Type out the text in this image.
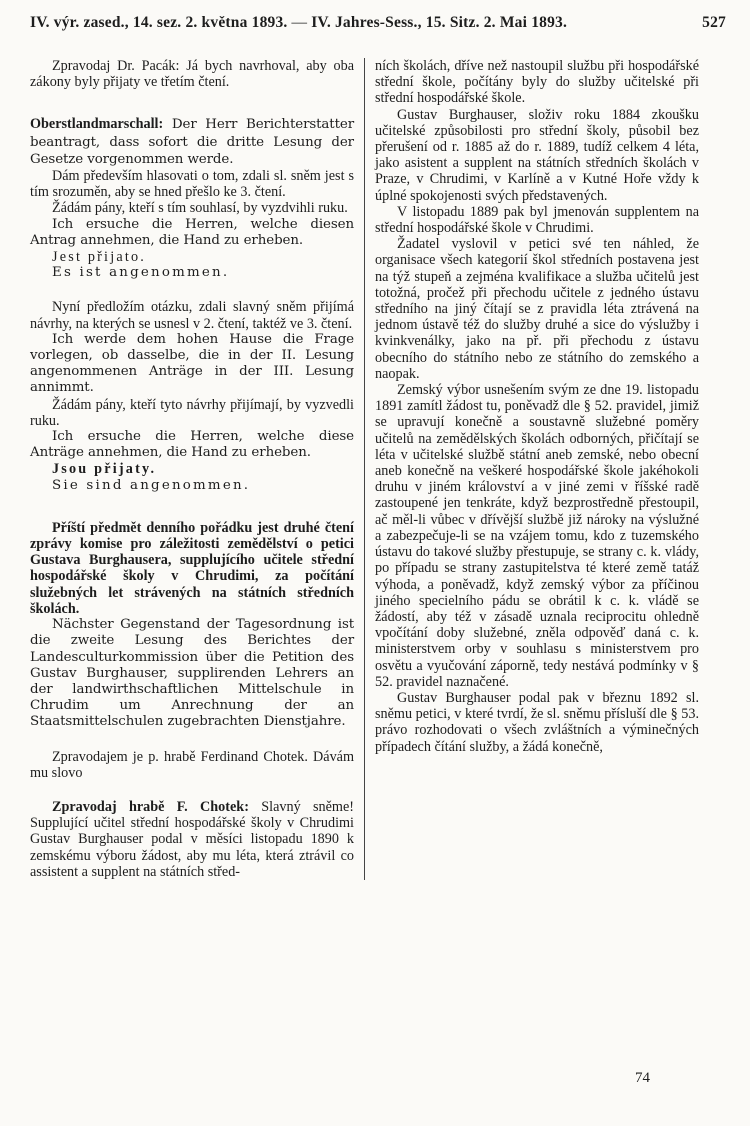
IV. výr. zased., 14. sez. 2. května 1893. — IV. Jahres-Sess., 15. Sitz. 2. Mai 1893.	527

Zpravodaj Dr. Pacák: Já bych navrhoval, aby oba zákony byly přijaty ve třetím čtení.

Oberstlandmarschall: Der Herr Berichterstatter beantragt, dass sofort die dritte Lesung der Gesetze vorgenommen werde.

Dám především hlasovati o tom, zdali sl. sněm jest s tím srozuměn, aby se hned přešlo ke 3. čtení.

Žádám pány, kteří s tím souhlasí, by vyzdvihli ruku.

Ich ersuche die Herren, welche diesen Antrag annehmen, die Hand zu erheben.

Jest přijato.

Es ist angenommen.

Nyní předložím otázku, zdali slavný sněm přijímá návrhy, na kterých se usnesl v 2. čtení, taktéž ve 3. čtení.

Ich werde dem hohen Hause die Frage vorlegen, ob dasselbe, die in der II. Lesung angenommenen Anträge in der III. Lesung annimmt.

Žádám pány, kteří tyto návrhy přijímají, by vyzvedli ruku.

Ich ersuche die Herren, welche diese Anträge annehmen, die Hand zu erheben.

Jsou přijaty.

Sie sind angenommen.

Příští předmět denního pořádku jest druhé čtení zprávy komise pro záležitosti zemědělství o petici Gustava Burghausera, supplujícího učitele střední hospodářské školy v Chrudimi, za počítání služebných let strávených na státních středních školách.

Nächster Gegenstand der Tagesordnung ist die zweite Lesung des Berichtes der Landesculturkommission über die Petition des Gustav Burghauser, supplirenden Lehrers an der landwirthschaftlichen Mittelschule in Chrudim um Anrechnung der an Staatsmittelschulen zugebrachten Dienstjahre.

Zpravodajem je p. hrabě Ferdinand Chotek. Dávám mu slovo

Zpravodaj hrabě F. Chotek: Slavný sněme! Supplující učitel střední hospodářské školy v Chrudimi Gustav Burghauser podal v měsíci listopadu 1890 k zemskému výboru žádost, aby mu léta, která ztrávil co assistent a supplent na státních střed-

ních školách, dříve než nastoupil službu při hospodářské střední škole, počítány byly do služby učitelské při střední hospodářské škole.

Gustav Burghauser, složiv roku 1884 zkoušku učitelské způsobilosti pro střední školy, působil bez přerušení od r. 1885 až do r. 1889, tudíž celkem 4 léta, jako asistent a supplent na státních středních školách v Praze, v Chrudimi, v Karlíně a v Kutné Hoře vždy k úplné spokojenosti svých představených.

V listopadu 1889 pak byl jmenován supplentem na střední hospodářské škole v Chrudimi.

Žadatel vyslovil v petici své ten náhled, že organisace všech kategorií škol středních postavena jest na týž stupeň a zejména kvalifikace a služba učitelů jest totožná, pročež při přechodu učitele z jedného ústavu středního na jiný čítají se z pravidla léta ztrávená na jednom ústavě též do služby druhé a sice do výslužby i kvinkvenálky, jako na př. při přechodu z ústavu obecního do státního nebo ze státního do zemského a naopak.

Zemský výbor usnešením svým ze dne 19. listopadu 1891 zamítl žádost tu, poněvadž dle § 52. pravidel, jimiž se upravují konečně a soustavně služebné poměry učitelů na zemědělských školách odborných, přičítají se léta v učitelské službě státní aneb zemské, nebo obecní aneb konečně na veškeré hospodářské škole jakéhokoli druhu v jiném království a v jiné zemi v říšské radě zastoupené jen tenkráte, když bezprostředně přestoupil, ač měl-li vůbec v dřívější službě již nároky na výslužné a zabezpečuje-li se na vzájem tomu, kdo z tuzemského ústavu do takové služby přestupuje, se strany c. k. vlády, po případu se strany zastupitelstva té které země tatáž výhoda, a poněvadž, když zemský výbor za příčinou jiného specielního pádu se obrátil k c. k. vládě se žádostí, aby též v zásadě uznala reciprocitu ohledně vpočítání doby služebné, zněla odpověď daná c. k. ministerstvem orby v souhlasu s ministerstvem pro osvětu a vyučování záporně, tedy nestává podmínky v § 52. pravidel naznačené.

Gustav Burghauser podal pak v březnu 1892 sl. sněmu petici, v které tvrdí, že sl. sněmu přísluší dle § 53. právo rozhodovati o všech zvláštních a výminečných případech čítání služby, a žádá konečně,

74
